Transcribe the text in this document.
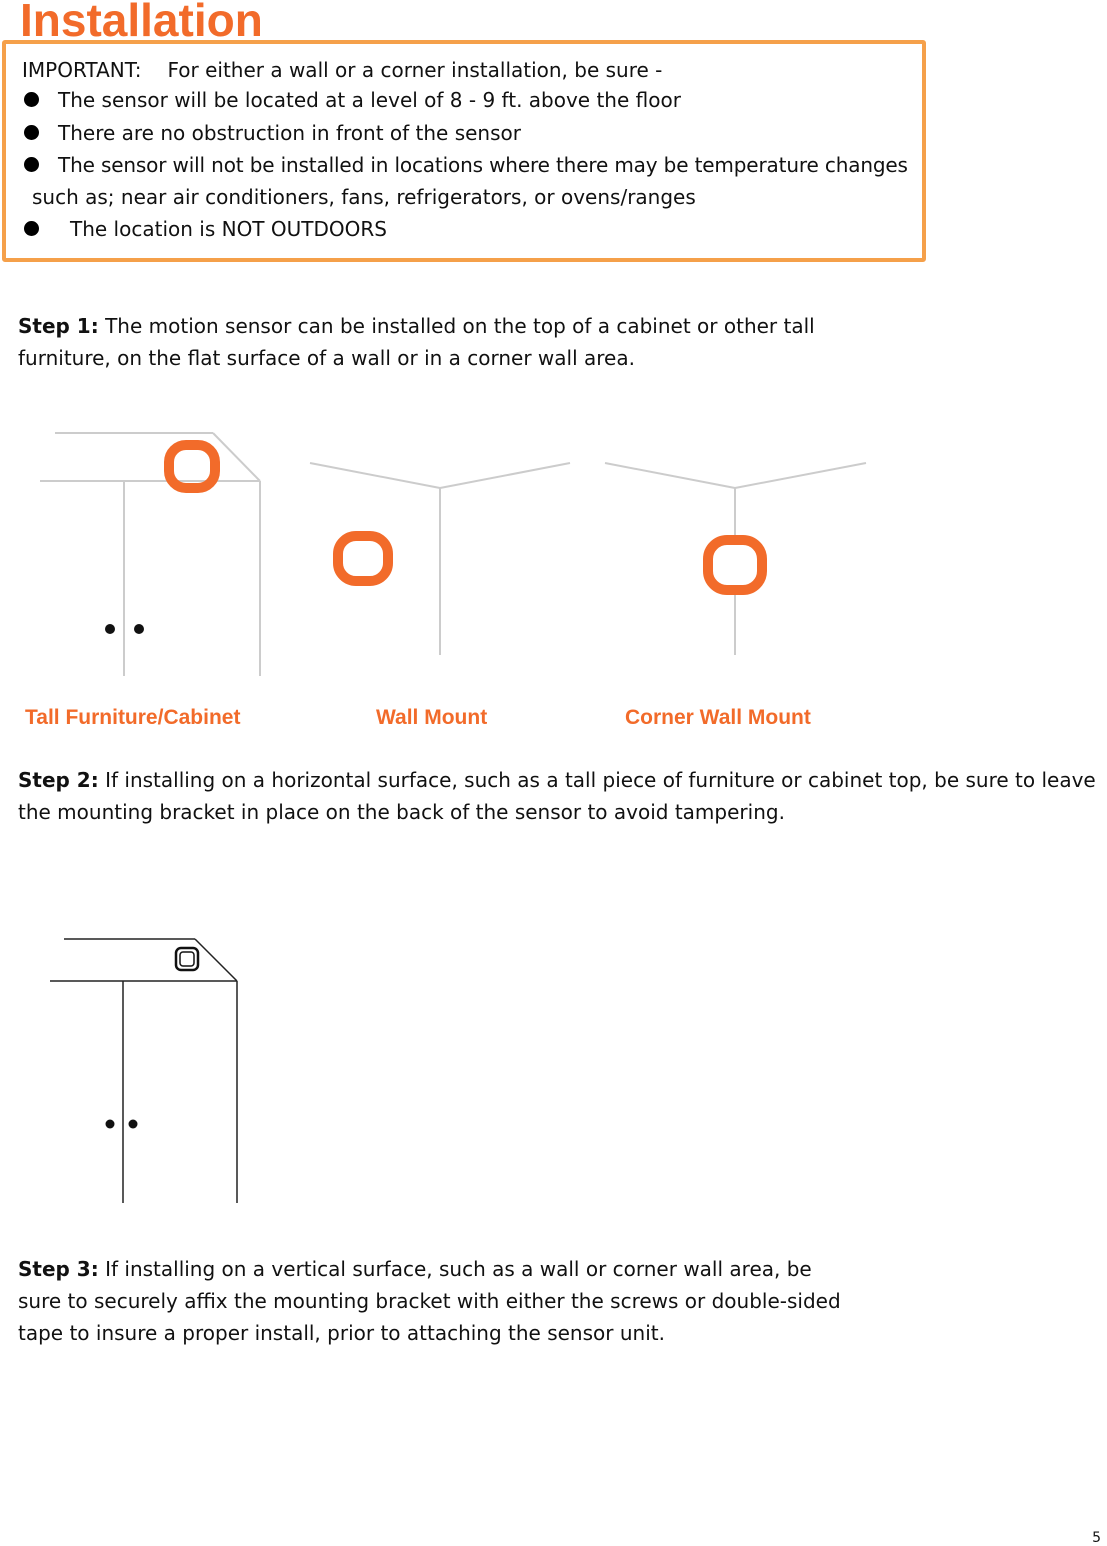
Installation
IMPORTANT: For either a wall or a corner installation, be sure -
The sensor will be located at a level of 8 - 9 ft. above the floor
There are no obstruction in front of the sensor
The sensor will not be installed in locations where there may be temperature changes
such as; near air conditioners, fans, refrigerators, or ovens/ranges
The location is NOT OUTDOORS
Step 1: The motion sensor can be installed on the top of a cabinet or other tall
furniture, on the flat surface of a wall or in a corner wall area.
Tall Furniture/Cabinet	Wall Mount	Corner Wall Mount
Step 2: If installing on a horizontal surface, such as a tall piece of furniture or cabinet top, be sure to leave
the mounting bracket in place on the back of the sensor to avoid tampering.
Step 3: If installing on a vertical surface, such as a wall or corner wall area, be
sure to securely affix the mounting bracket with either the screws or double-sided
tape to insure a proper install, prior to attaching the sensor unit.
5
